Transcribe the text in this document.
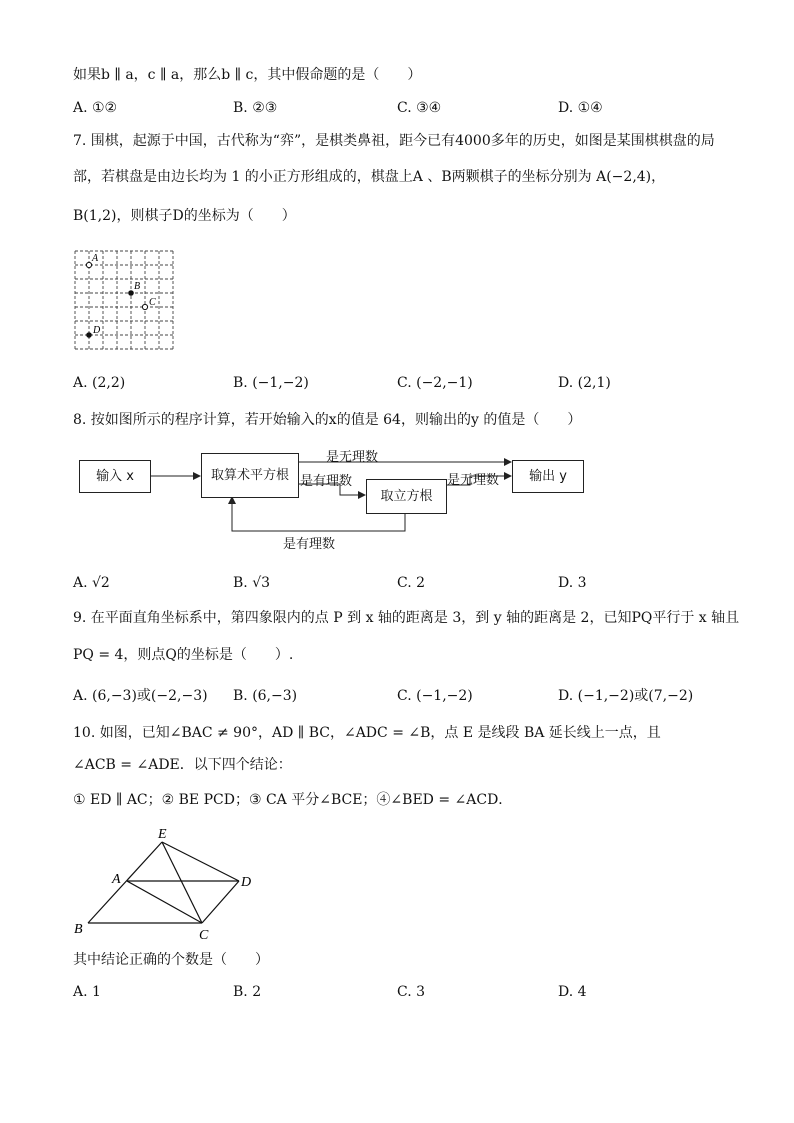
如果b ∥ a，c ∥ a，那么b ∥ c，其中假命题的是（　　）
A. ①②	B. ②③	C. ③④	D. ①④
7. 围棋，起源于中国，古代称为“弈”，是棋类鼻祖，距今已有4000多年的历史，如图是某围棋棋盘的局
部，若棋盘是由边长均为 1 的小正方形组成的，棋盘上A 、B两颗棋子的坐标分别为 A(−2,4)，
B(1,2)，则棋子D的坐标为（　　）
A
B
C
D
A. (2,2)	B. (−1,−2)	C. (−2,−1)	D. (2,1)
8. 按如图所示的程序计算，若开始输入的x的值是 64，则输出的y 的值是（　　）
输入 x	取算术平方根
取立方根
输出 y
是无理数
是有理数	是无理数
是有理数
A. √2	B. √3	C. 2	D. 3
9. 在平面直角坐标系中，第四象限内的点 P 到 x 轴的距离是 3，到 y 轴的距离是 2，已知PQ平行于 x 轴且
PQ = 4，则点Q的坐标是（　　）.
A. (6,−3)或(−2,−3) B. (6,−3)	C. (−1,−2)	D. (−1,−2)或(7,−2)
10. 如图，已知∠BAC ≠ 90°，AD ∥ BC，∠ADC = ∠B，点 E 是线段 BA 延长线上一点，且
∠ACB = ∠ADE．以下四个结论：
① ED ∥ AC；② BE PCD；③ CA 平分∠BCE；④∠BED = ∠ACD．
E
A	D
B	C
其中结论正确的个数是（　　）
A. 1	B. 2	C. 3	D. 4
